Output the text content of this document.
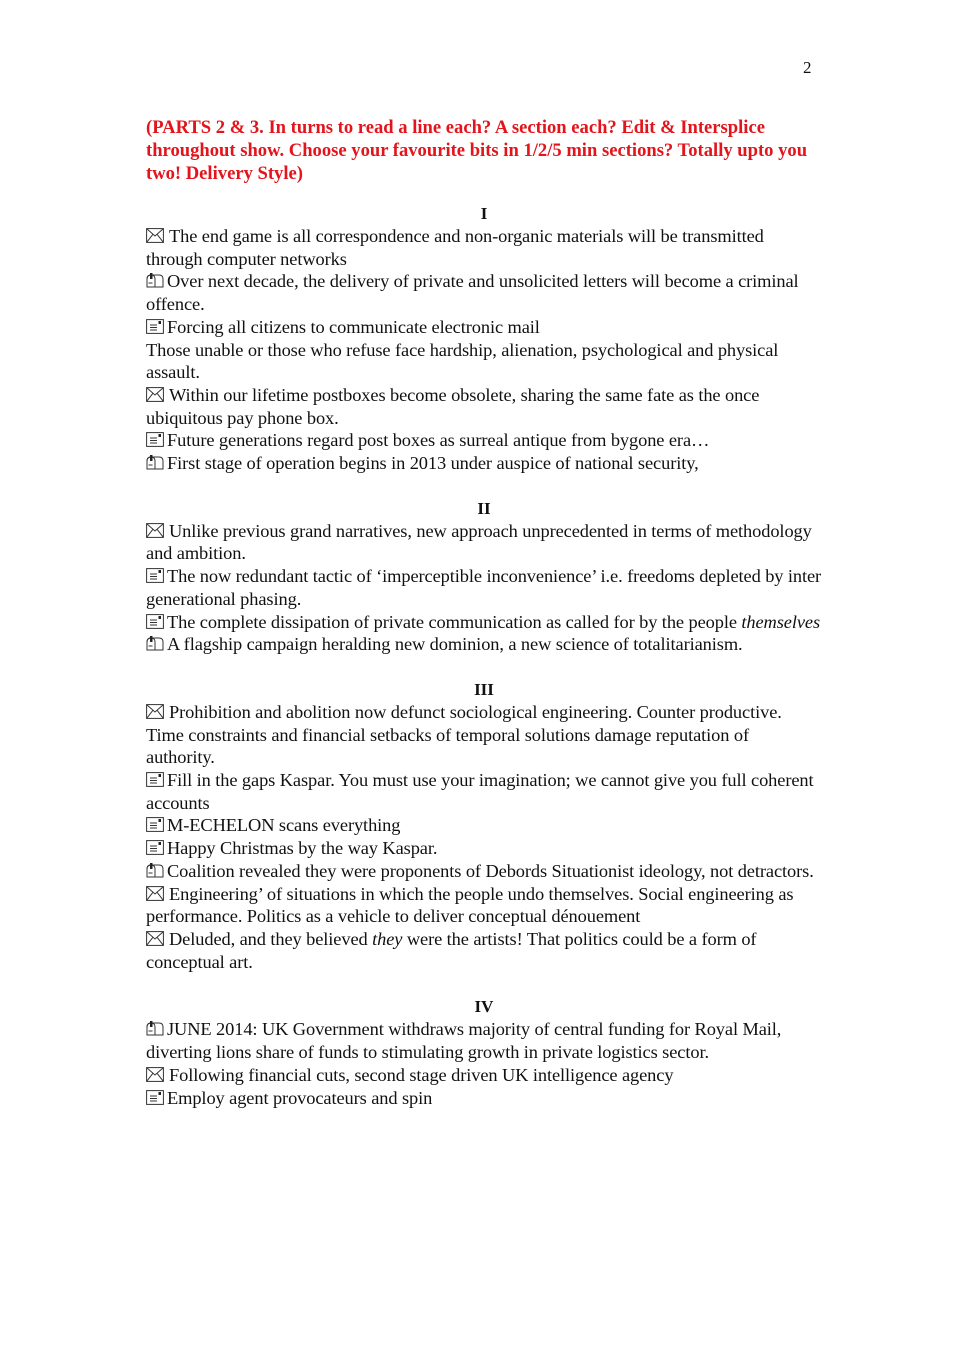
2

(PARTS 2 & 3. In turns to read a line each? A section each? Edit & Intersplice throughout show. Choose your favourite bits in 1/2/5 min sections? Totally upto you two! Delivery Style)

I

The end game is all correspondence and non-organic materials will be transmitted through computer networks

Over next decade, the delivery of private and unsolicited letters will become a criminal offence.

Forcing all citizens to communicate electronic mail

Those unable or those who refuse face hardship, alienation, psychological and physical assault.

Within our lifetime postboxes become obsolete, sharing the same fate as the once ubiquitous pay phone box.

Future generations regard post boxes as surreal antique from bygone era…

First stage of operation begins in 2013 under auspice of national security,

II

Unlike previous grand narratives, new approach unprecedented in terms of methodology and ambition.

The now redundant tactic of ‘imperceptible inconvenience’ i.e. freedoms depleted by inter generational phasing.

The complete dissipation of private communication as called for by the people themselves

A flagship campaign heralding new dominion, a new science of totalitarianism.

III

Prohibition and abolition now defunct sociological engineering. Counter productive. Time constraints and financial setbacks of temporal solutions damage reputation of authority.

Fill in the gaps Kaspar. You must use your imagination; we cannot give you full coherent accounts

M-ECHELON scans everything

Happy Christmas by the way Kaspar.

Coalition revealed they were proponents of Debords Situationist ideology, not detractors.

Engineering’ of situations in which the people undo themselves. Social engineering as performance. Politics as a vehicle to deliver conceptual dénouement

Deluded, and they believed they were the artists! That politics could be a form of conceptual art.

IV

JUNE 2014: UK Government withdraws majority of central funding for Royal Mail, diverting lions share of funds to stimulating growth in private logistics sector.

Following financial cuts, second stage driven UK intelligence agency

Employ agent provocateurs and spin
